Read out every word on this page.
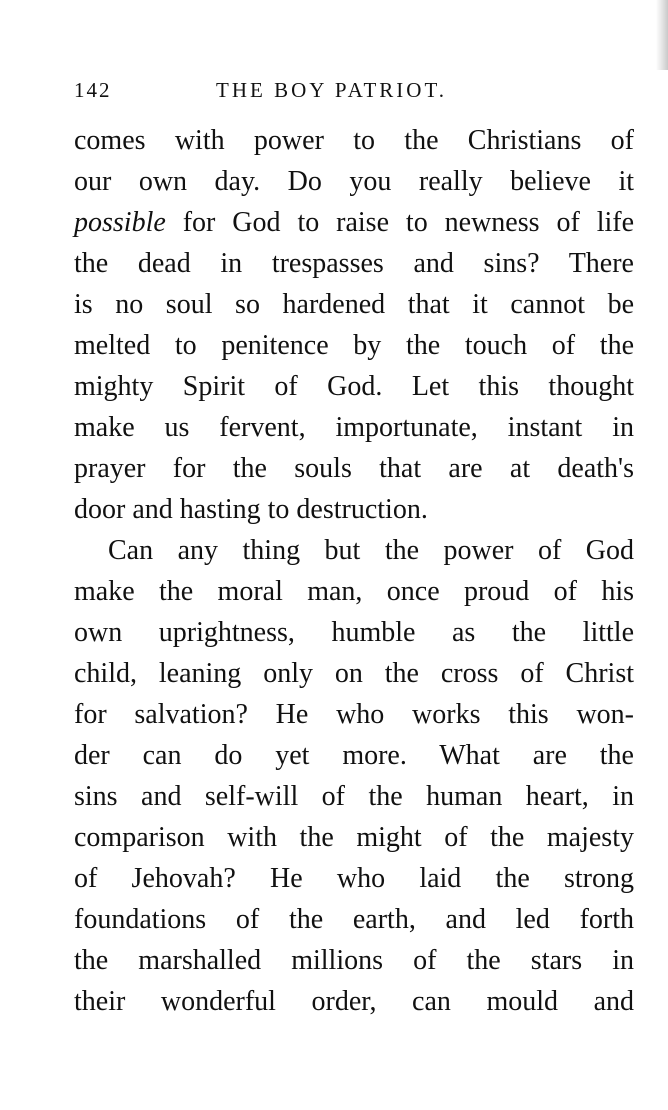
142	THE BOY PATRIOT.
comes with power to the Christians of
our own day. Do you really believe it
possible for God to raise to newness of life
the dead in trespasses and sins? There
is no soul so hardened that it cannot be
melted to penitence by the touch of the
mighty Spirit of God. Let this thought
make us fervent, importunate, instant in
prayer for the souls that are at death's
door and hasting to destruction.
Can any thing but the power of God
make the moral man, once proud of his
own uprightness, humble as the little
child, leaning only on the cross of Christ
for salvation? He who works this won-
der can do yet more. What are the
sins and self-will of the human heart, in
comparison with the might of the majesty
of Jehovah? He who laid the strong
foundations of the earth, and led forth
the marshalled millions of the stars in
their wonderful order, can mould and
